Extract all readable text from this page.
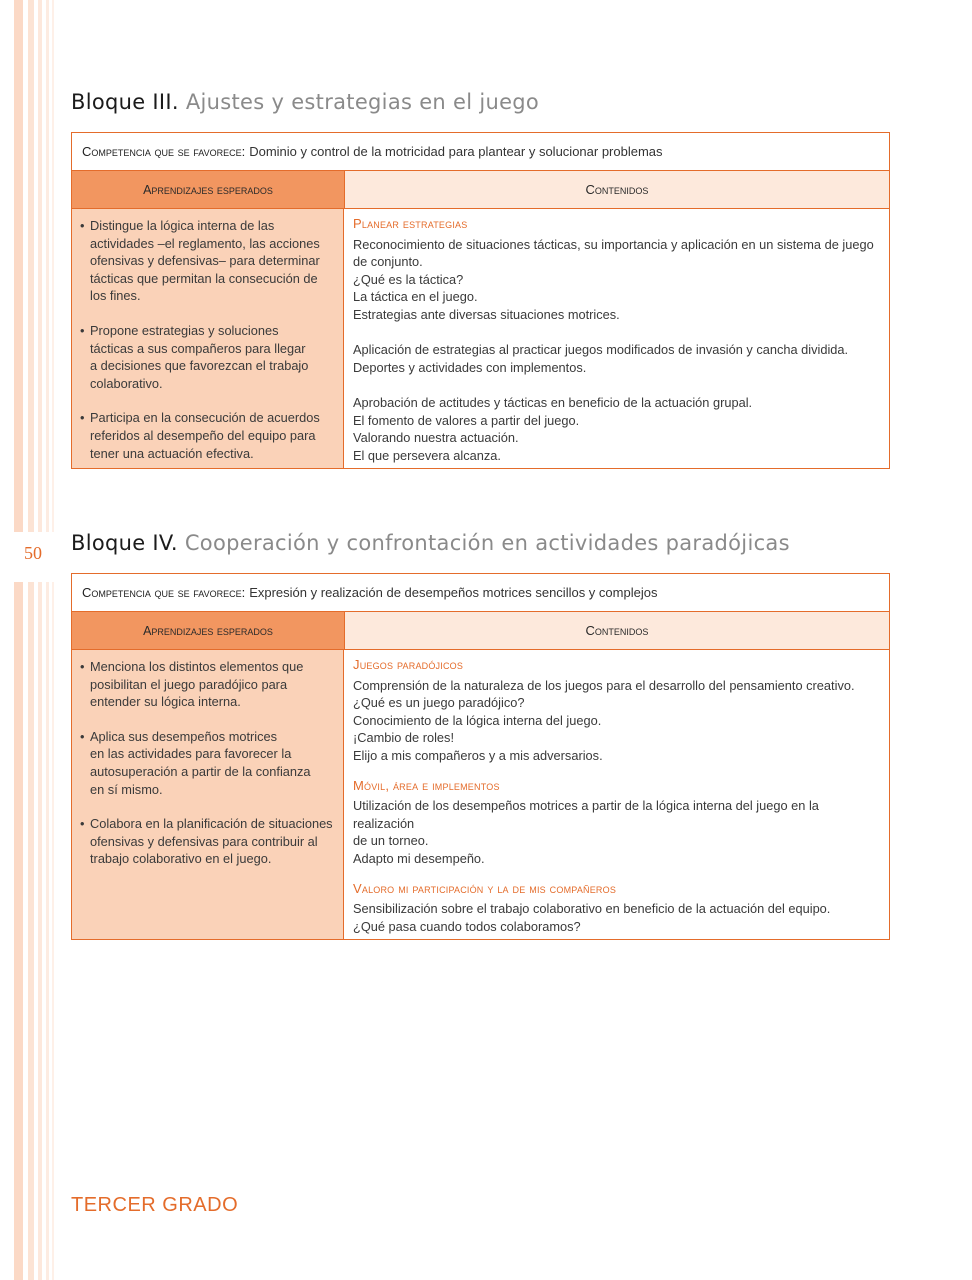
50
Bloque III. Ajustes y estrategias en el juego
Competencia que se favorece: Dominio y control de la motricidad para plantear y solucionar problemas
Aprendizajes esperados	Contenidos
• Distingue la lógica interna de las
actividades –el reglamento, las acciones
ofensivas y defensivas– para determinar
tácticas que permitan la consecución de
los fines.
• Propone estrategias y soluciones
tácticas a sus compañeros para llegar
a decisiones que favorezcan el trabajo
colaborativo.
• Participa en la consecución de acuerdos
referidos al desempeño del equipo para
tener una actuación efectiva.
Planear estrategias
Reconocimiento de situaciones tácticas, su importancia y aplicación en un sistema de juego
de conjunto.
¿Qué es la táctica?
La táctica en el juego.
Estrategias ante diversas situaciones motrices.
Aplicación de estrategias al practicar juegos modificados de invasión y cancha dividida.
Deportes y actividades con implementos.
Aprobación de actitudes y tácticas en beneficio de la actuación grupal.
El fomento de valores a partir del juego.
Valorando nuestra actuación.
El que persevera alcanza.
Bloque IV. Cooperación y confrontación en actividades paradójicas
Competencia que se favorece: Expresión y realización de desempeños motrices sencillos y complejos
Aprendizajes esperados	Contenidos
• Menciona los distintos elementos que
posibilitan el juego paradójico para
entender su lógica interna.
• Aplica sus desempeños motrices
en las actividades para favorecer la
autosuperación a partir de la confianza
en sí mismo.
• Colabora en la planificación de situaciones
ofensivas y defensivas para contribuir al
trabajo colaborativo en el juego.
Juegos paradójicos
Comprensión de la naturaleza de los juegos para el desarrollo del pensamiento creativo.
¿Qué es un juego paradójico?
Conocimiento de la lógica interna del juego.
¡Cambio de roles!
Elijo a mis compañeros y a mis adversarios.
Móvil, área e implementos
Utilización de los desempeños motrices a partir de la lógica interna del juego en la realización
de un torneo.
Adapto mi desempeño.
Valoro mi participación y la de mis compañeros
Sensibilización sobre el trabajo colaborativo en beneficio de la actuación del equipo.
¿Qué pasa cuando todos colaboramos?
TERCER GRADO
